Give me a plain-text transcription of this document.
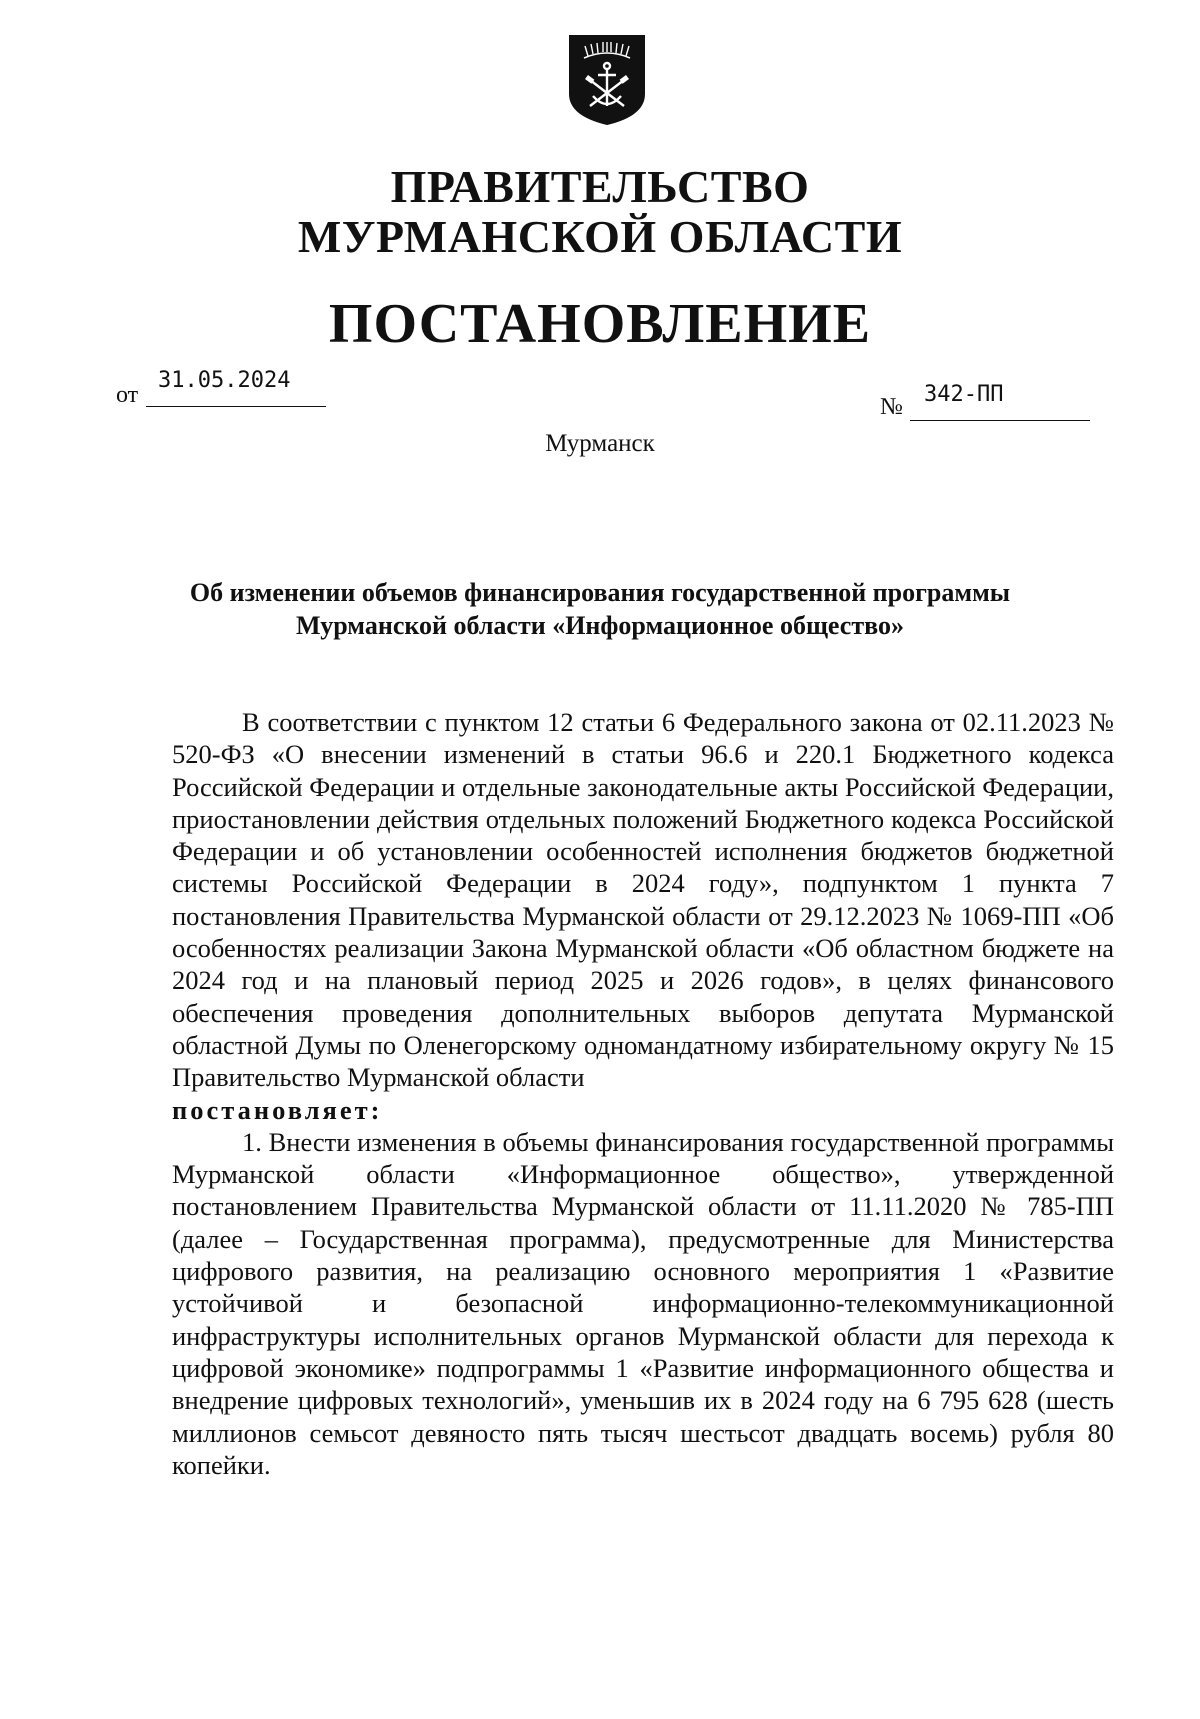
ПРАВИТЕЛЬСТВО
МУРМАНСКОЙ ОБЛАСТИ
ПОСТАНОВЛЕНИЕ
от
31.05.2024
№ 342-ПП
Мурманск
Об изменении объемов финансирования государственной программы
Мурманской области «Информационное общество»

В соответствии с пунктом 12 статьи 6 Федерального закона от 02.11.2023 № 520-ФЗ «О внесении изменений в статьи 96.6 и 220.1 Бюджетного кодекса Российской Федерации и отдельные законодательные акты Российской Федерации, приостановлении действия отдельных положений Бюджетного кодекса Российской Федерации и об установлении особенностей исполнения бюджетов бюджетной системы Российской Федерации в 2024 году», подпунктом 1 пункта 7 постановления Правительства Мурманской области от 29.12.2023 № 1069-ПП «Об особенностях реализации Закона Мурманской области «Об областном бюджете на 2024 год и на плановый период 2025 и 2026 годов», в целях финансового обеспечения проведения дополнительных выборов депутата Мурманской областной Думы по Оленегорскому одномандатному избирательному округу № 15 Правительство Мурманской области

постановляет:

1. Внести изменения в объемы финансирования государственной программы Мурманской области «Информационное общество», утвержденной постановлением Правительства Мурманской области от 11.11.2020 № 785-ПП (далее – Государственная программа), предусмотренные для Министерства цифрового развития, на реализацию основного мероприятия 1 «Развитие устойчивой и безопасной информационно-телекоммуникационной инфраструктуры исполнительных органов Мурманской области для перехода к цифровой экономике» подпрограммы 1 «Развитие информационного общества и внедрение цифровых технологий», уменьшив их в 2024 году на 6 795 628 (шесть миллионов семьсот девяносто пять тысяч шестьсот двадцать восемь) рубля 80 копейки.
